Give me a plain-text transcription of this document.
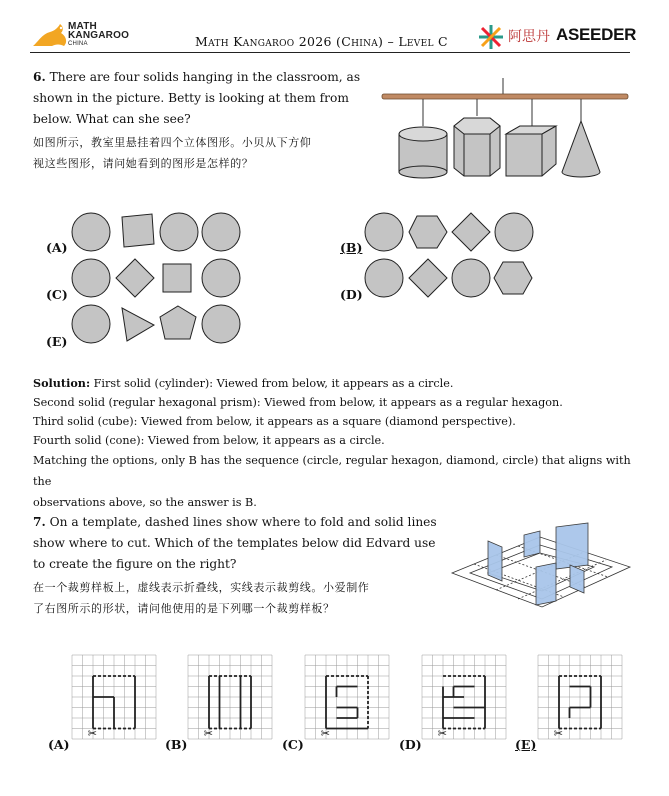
MATH
KANGAROO
CHINA	Math Kangaroo 2026 (China) – Level C	阿思丹 ASEEDER
6. There are four solids hanging in the classroom, as
shown in the picture. Betty is looking at them from
below. What can she see?
如图所示，教室里悬挂着四个立体图形。小贝从下方仰
视这些图形，请问她看到的图形是怎样的？
(A)
(C)
(E)
(B)
(D)
Solution: First solid (cylinder): Viewed from below, it appears as a circle.
Second solid (regular hexagonal prism): Viewed from below, it appears as a regular hexagon.
Third solid (cube): Viewed from below, it appears as a square (diamond perspective).
Fourth solid (cone): Viewed from below, it appears as a circle.
Matching the options, only B has the sequence (circle, regular hexagon, diamond, circle) that aligns with the
observations above, so the answer is B.
7. On a template, dashed lines show where to fold and solid lines
show where to cut. Which of the templates below did Edvard use
to create the figure on the right?
在一个裁剪样板上，虚线表示折叠线，实线表示裁剪线。小爱制作
了右图所示的形状，请问他使用的是下列哪一个裁剪样板？
✂	✂	✂	✂	✂
(A)	(B)	(C)	(D)	(E)
